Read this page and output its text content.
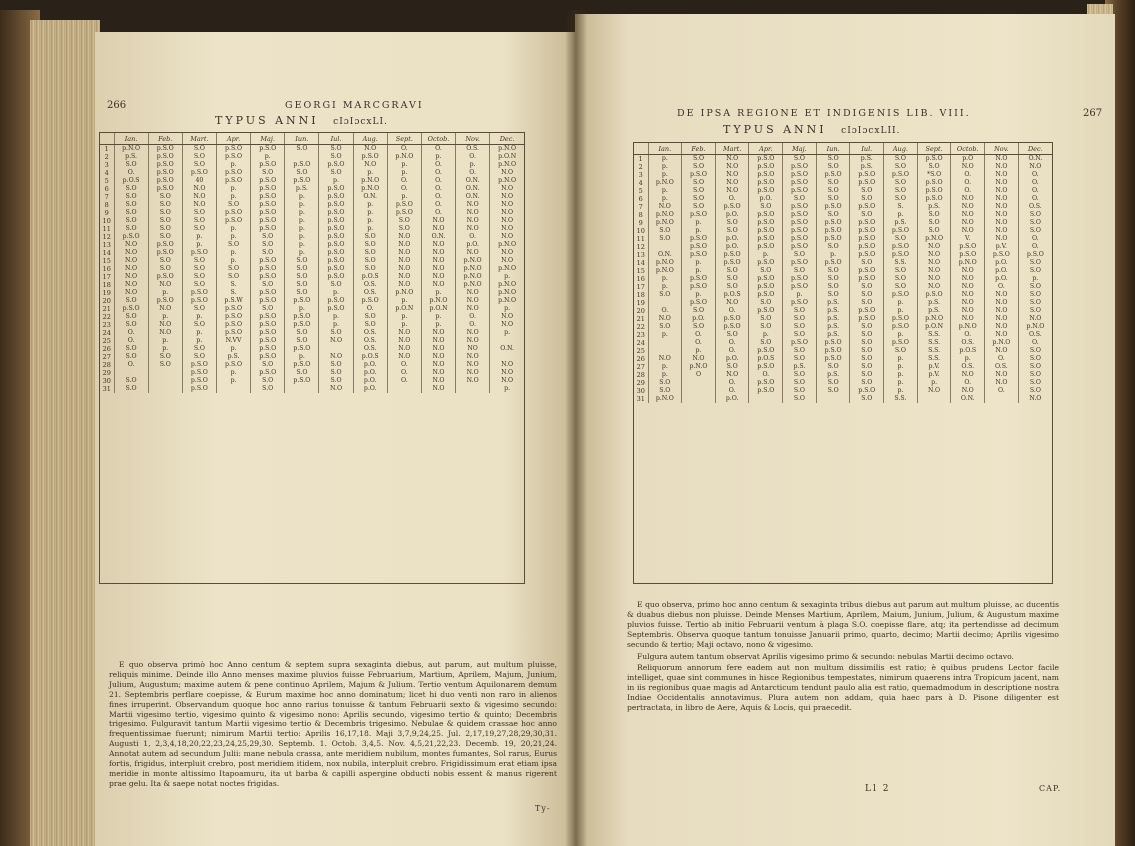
266	GEORGI MARCGRAVI
TYPUS ANNI cIɔIɔcxLI.
	Ian.	Feb.	Mart.	Apr.	Maj.	Iun.	Iul.	Aug.	Sept.	Octob.	Nov.	Dec.
1	p.N.O	p.S.O	S.O	p.S.O	p.S.O	S.O	S.O	N.O	O.	O.	O.S.	p.N.O
2	p.S.	p.S.O	S.O	p.S.O	p.		S.O	p.S.O	p.N.O	p.	O.	p.O.N
3	S.O	p.S.O	S.O	p.	p.S.O	p.S.O	p.S.O	N.O	p.	O.	p.	p.N.O
4	O.	p.S.O	p.S.O	p.S.O	S.O	S.O	S.O	p.	p.	O.	O.	N.O
5	p.O.S	p.S.O	40	p.S.O	p.S.O	p.S.O	p.	p.N.O	O.	O.	O.N.	p.N.O
6	S.O	p.S.O	N.O	p.	p.S.O	p.S.	p.S.O	p.N.O	O.	O.	O.N.	N.O
7	S.O	S.O	N.O	p.	p.S.O	p.	p.S.O	O.N.	p.	O.	O.N.	N.O
8	S.O	S.O	N.O	S.O	p.S.O	p.	p.S.O	p.	p.S.O	O.	N.O	N.O
9	S.O	S.O	S.O	p.S.O	p.S.O	p.	p.S.O	p.	p.S.O	O.	N.O	N.O
10	S.O	S.O	S.O	p.S.O	p.S.O	p.	p.S.O	p.	S.O	N.O	N.O	N.O
11	S.O	S.O	S.O	p.	p.S.O	p.	p.S.O	p.	S.O	N.O	N.O	N.O
12	p.S.O	S.O	p.	p.	S.O	p.	p.S.O	S.O	N.O	O.N.	O.	N.O
13	N.O	p.S.O	p.	S.O	S.O	p.	p.S.O	S.O	N.O	N.O	p.O.	p.N.O
14	N.O	p.S.O	p.S.O	p.	S.O	p.	p.S.O	S.O	N.O	N.O	N.O	N.O
15	N.O	S.O	S.O	p.	p.S.O	S.O	p.S.O	S.O	N.O	N.O	p.N.O	N.O
16	N.O	S.O	S.O	S.O	p.S.O	S.O	p.S.O	S.O	N.O	N.O	p.N.O	p.N.O
17	N.O	p.S.O	S.O	S.O	p.S.O	S.O	p.S.O	p.O.S	N.O	N.O	p.N.O	p.
18	N.O	N.O	S.O	S.	S.O	S.O	S.O	O.S.	N.O	N.O	p.N.O	p.N.O
19	N.O	p.	p.S.O	S.	p.S.O	S.O	p.	O.S.	p.N.O	p.	N.O	p.N.O
20	S.O	p.S.O	p.S.O	p.S.W	p.S.O	p.S.O	p.S.O	p.S.O	p.	p.N.O	N.O	p.N.O
21	p.S.O	N.O	S.O	p.S.O	S.O	p.	p.S.O	O.	p.O.N	p.O.N	N.O	p.
22	S.O	p.	p.	p.S.O	p.S.O	p.S.O	p.	S.O	p.	p.	O.	N.O
23	S.O	N.O	S.O	p.S.O	p.S.O	p.S.O	p.	S.O	p.	p.	O.	N.O
24	O.	N.O	p.	p.S.O	p.S.O	S.O	S.O	O.S.	N.O	N.O	N.O	p.
25	O.	p.	p.	N.VV	p.S.O	S.O	N.O	O.S.	N.O	N.O	N.O	
26	S.O	p.	S.O	p.	p.S.O	p.S.O		O.S.	N.O	N.O	NO	O.N.
27	S.O	S.O	S.O	p.S.	p.S.O	p.	N.O	p.O.S	N.O	N.O	N.O	
28	O.	S.O	p.S.O	p.S.O	S.O	p.S.O	S.O	p.O.	O.	N.O	N.O	N.O
29			p.S.O	p.	p.S.O	S.O	S.O	p.O.	O.	N.O	N.O	N.O
30	S.O		p.S.O	p.	S.O	p.S.O	S.O	p.O.	O.	N.O	N.O	N.O
31	S.O		p.S.O		S.O		N.O	p.O.		N.O		p.

E quo observa primò hoc Anno centum & septem supra sexaginta diebus, aut parum, aut multum pluisse, reliquis minime. Deinde illo Anno menses maxime pluvios fuisse Februarium, Martium, Aprilem, Majum, Junium, Julium, Augustum; maxime autem & pene continuo Aprilem, Majum & Julium. Tertio ventum Aquilonarem demum 21. Septembris perflare coepisse, & Eurum maxime hoc anno dominatum; licet hi duo venti non raro in alienos fines irruperint. Observandum quoque hoc anno rarius tonuisse & tantum Februarii sexto & vigesimo secundo: Martii vigesimo tertio, vigesimo quinto & vigesimo nono: Aprilis secundo, vigesimo tertio & quinto; Decembris trigesimo. Fulguravit tantum Martii vigesimo tertio & Decembris trigesimo. Nebulae & quidem crassae hoc anno frequentissimae fuerunt; nimirum Martii tertio: Aprilis 16,17,18. Maji 3,7,9,24,25. Jul. 2,17,19,27,28,29,30,31. Augusti 1, 2,3,4,18,20,22,23,24,25,29,30. Septemb. 1. Octob. 3,4,5. Nov. 4,5,21,22,23. Decemb. 19, 20,21,24. Annotat autem ad secundum Julii: mane nebula crassa, ante meridiem nubilum, montes fumantes, Sol rarus, Eurus fortis, frigidus, interpluit crebro, post meridiem itidem, nox nubila, interpluit crebro. Frigidissimum erat etiam ipsa meridie in monte altissimo Itapoamuru, ita ut barba & capilli aspergine obducti nobis essent & manus rigerent prae gelu. Ita & saepe notat noctes frigidas.

Ty-
DE IPSA REGIONE ET INDIGENIS LIB. VIII.	267
TYPUS ANNI cIɔIɔcxLII.
	Ian.	Feb.	Mart.	Apr.	Maj.	Iun.	Iul.	Aug.	Sept.	Octob.	Nov.	Dec.
1	p.	S.O	N.O	p.S.O	S.O	S.O	p.S.	S.O	p.S.O	p.O	N.O	O.N.
2	p.	S.O	N.O	p.S.O	p.S.O	S.O	p.S.	S.O	S.O	N.O	N.O	N.O
3	p.	p.S.O	N.O	p.S.O	p.S.O	p.S.O	p.S.O	p.S.O	*S.O	O.	N.O	O.
4	p.N.O	S.O	N.O	p.S.O	p.S.O	S.O	p.S.O	S.O	p.S.O	O.	N.O	O.
5	p.	S.O	N.O	p.S.O	p.S.O	S.O	S.O	S.O	p.S.O	O.	N.O	O.
6	p.	S.O	O.	p.O.	S.O	S.O	S.O	S.O	p.S.O	N.O	N.O	O.
7	N.O	S.O	p.S.O	S.O	p.S.O	p.S.O	p.S.O	S.	p.S.	N.O	N.O	O.S.
8	p.N.O	p.S.O	p.O.	p.S.O	p.S.O	S.O	S.O	p.	S.O	N.O	N.O	S.O
9	p.N.O	p.	S.O	p.S.O	p.S.O	p.S.O	p.S.O	p.S.	S.O	N.O	N.O	S.O
10	S.O	p.	S.O	p.S.O	p.S.O	p.S.O	p.S.O	p.S.O	S.O	N.O	N.O	S.O
11	S.O	p.S.O	p.O.	p.S.O	p.S.O	p.S.O	p.S.O	S.O	p.N.O	V.	N.O	O.
12		p.S.O	p.O.	p.S.O	p.S.O	S.O	p.S.O	p.S.O	N.O	p.S.O	p.V.	O.
13	O.N.	p.S.O	p.S.O	p.	S.O	p.	p.S.O	p.S.O	N.O	p.S.O	p.S.O	p.S.O
14	p.N.O	p.	p.S.O	p.S.O	p.S.O	p.S.O	S.O	S.S.	N.O	p.N.O	p.O.	S.O
15	p.N.O	p.	S.O	S.O	S.O	S.O	p.S.O	S.O	N.O	N.O	p.O.	S.O
16	p.	p.S.O	S.O	p.S.O	p.S.O	S.O	p.S.O	S.O	N.O	N.O	p.O.	p.
17	p.	p.S.O	S.O	p.S.O	p.S.O	S.O	S.O	S.O	N.O	N.O	O.	S.O
18	S.O	p.	p.O.S	p.S.O	p.	S.O	S.O	p.S.O	p.S.O	N.O	N.O	S.O
19		p.S.O	N.O	S.O	p.S.O	p.S.	S.O	p.	p.S.	N.O	N.O	S.O
20	O.	S.O	O.	p.S.O	S.O	p.S.	p.S.O	p.	p.S.	N.O	N.O	S.O
21	N.O	p.O.	p.S.O	S.O	S.O	p.S.	p.S.O	p.S.O	p.N.O	N.O	N.O	N.O
22	S.O	S.O	p.S.O	S.O	S.O	p.S.	S.O	p.S.O	p.O.N	p.N.O	N.O	p.N.O
23	p.	O.	S.O	p.	S.O	p.S.	S.O	p.	S.S.	O.	N.O	O.S.
24		O.	O.	S.O	p.S.O	p.S.O	S.O	p.S.O	S.S.	O.S.	p.N.O	O.
25		p.	O.	p.S.O	S.O	p.S.O	S.O	S.O	S.S.	p.O.S	N.O	S.O
26	N.O	N.O	p.O.	p.O.S	S.O	p.S.O	S.O	p.	S.S.	p.	O.	S.O
27	p.	p.N.O	S.O	p.S.O	p.S.	S.O	S.O	p.	p.V.	O.S.	O.S.	S.O
28	p.	O	N.O	O.	S.O	p.S.	S.O	p.	p.V.	N.O	N.O	S.O
29	S.O		O.	p.S.O	S.O	S.O	S.O	p.	p.	O.	N.O	S.O
30	S.O		O.	p.S.O	S.O	S.O	p.S.O	p.	N.O	N.O	O.	S.O
31	p.N.O		p.O.		S.O		S.O	S.S.		O.N.		N.O

E quo observa, primo hoc anno centum & sexaginta tribus diebus aut parum aut multum pluisse, ac ducentis & duabus diebus non pluisse. Deinde Menses Martium, Aprilem, Maium, Junium, Julium, & Augustum maxime pluvios fuisse. Tertio ab initio Februarii ventum à plaga S.O. coepisse flare, atq; ita pertendisse ad decimum Septembris. Observa quoque tantum tonuisse Januarii primo, quarto, decimo; Martii decimo; Aprilis vigesimo secundo & tertio; Maji octavo, nono & vigesimo.

Fulgura autem tantum observat Aprilis vigesimo primo & secundo: nebulas Martii decimo octavo.

Reliquorum annorum fere eadem aut non multum dissimilis est ratio; è quibus prudens Lector facile intelliget, quae sint communes in hisce Regionibus tempestates, nimirum quaerens intra Tropicum jacent, nam in iis regionibus quae magis ad Antarcticum tendunt paulo alia est ratio, quemadmodum in descriptione nostra Indiae Occidentalis annotavimus. Plura autem non addam, quia haec pars à D. Pisone diligenter est pertractata, in libro de Aere, Aquis & Locis, qui praecedit.

Ll 2	CAP.
